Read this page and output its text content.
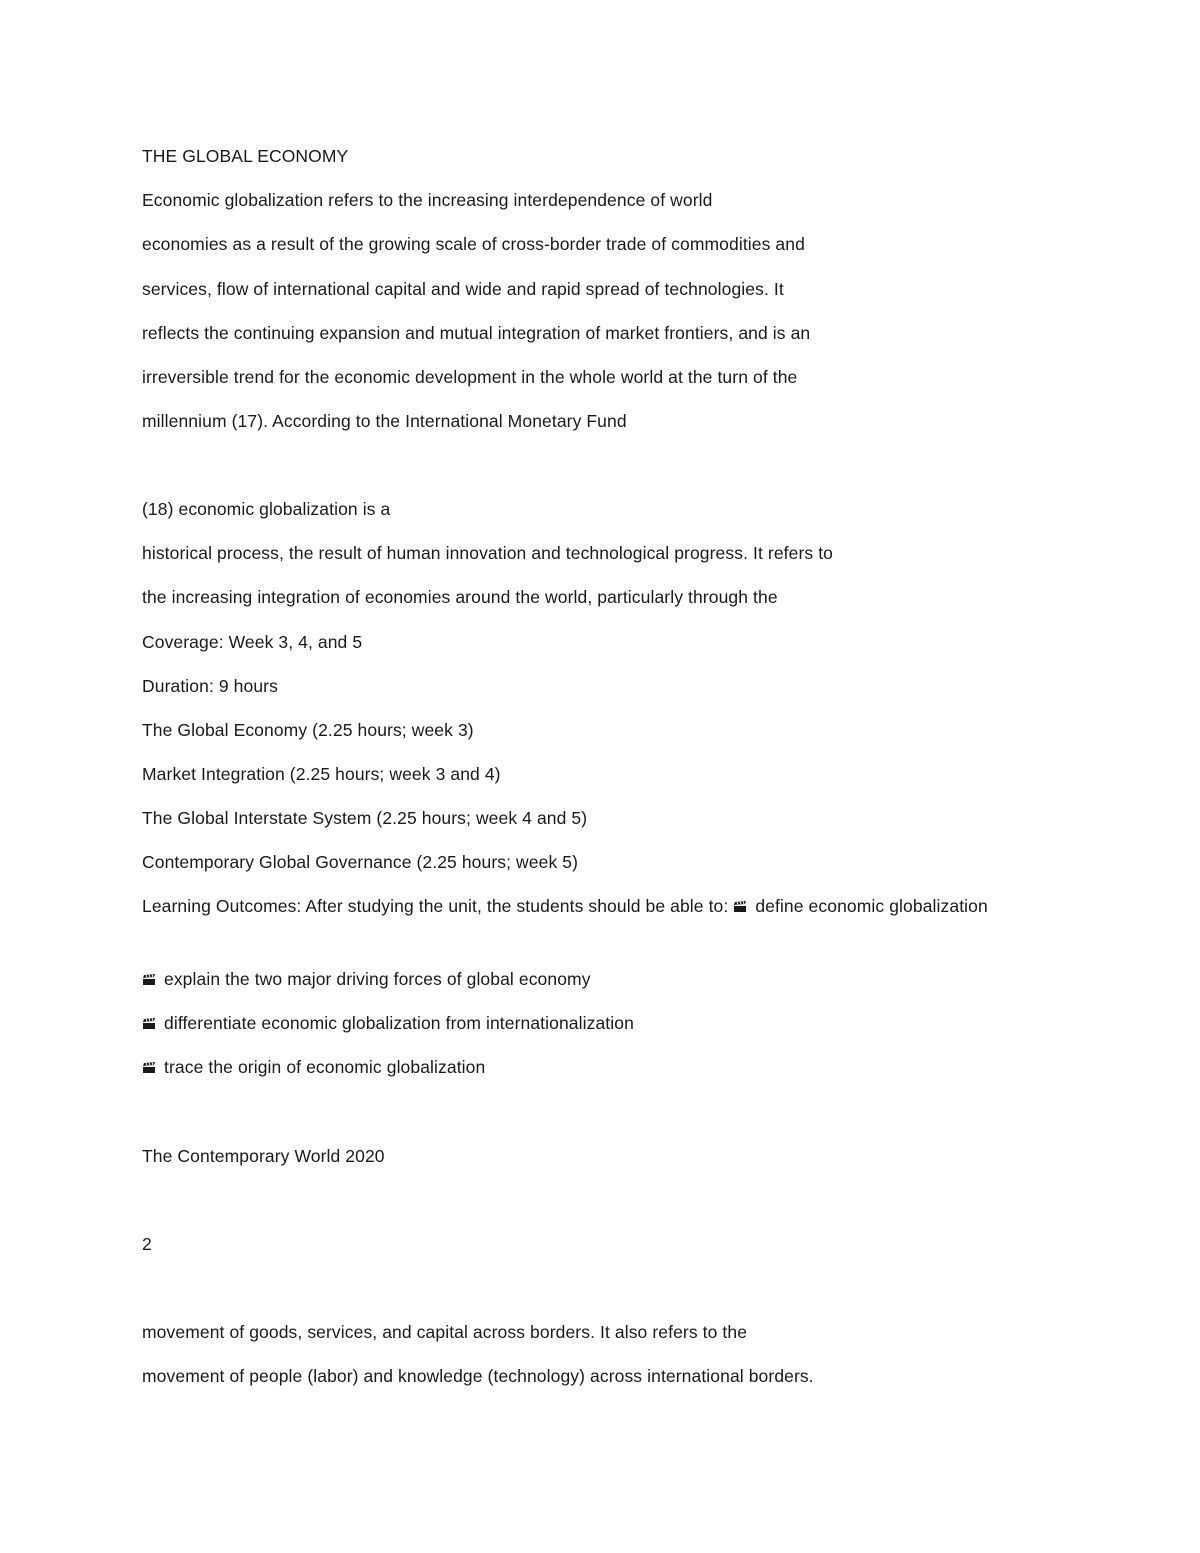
THE GLOBAL ECONOMY
Economic globalization refers to the increasing interdependence of world
economies as a result of the growing scale of cross-border trade of commodities and
services, flow of international capital and wide and rapid spread of technologies. It
reflects the continuing expansion and mutual integration of market frontiers, and is an
irreversible trend for the economic development in the whole world at the turn of the
millennium (17). According to the International Monetary Fund
(18) economic globalization is a
historical process, the result of human innovation and technological progress. It refers to
the increasing integration of economies around the world, particularly through the
Coverage: Week 3, 4, and 5
Duration: 9 hours
The Global Economy (2.25 hours; week 3)
Market Integration (2.25 hours; week 3 and 4)
The Global Interstate System (2.25 hours; week 4 and 5)
Contemporary Global Governance (2.25 hours; week 5)
Learning Outcomes: After studying the unit, the students should be able to: define economic globalization
explain the two major driving forces of global economy
differentiate economic globalization from internationalization
trace the origin of economic globalization
The Contemporary World 2020
2
movement of goods, services, and capital across borders. It also refers to the
movement of people (labor) and knowledge (technology) across international borders.
